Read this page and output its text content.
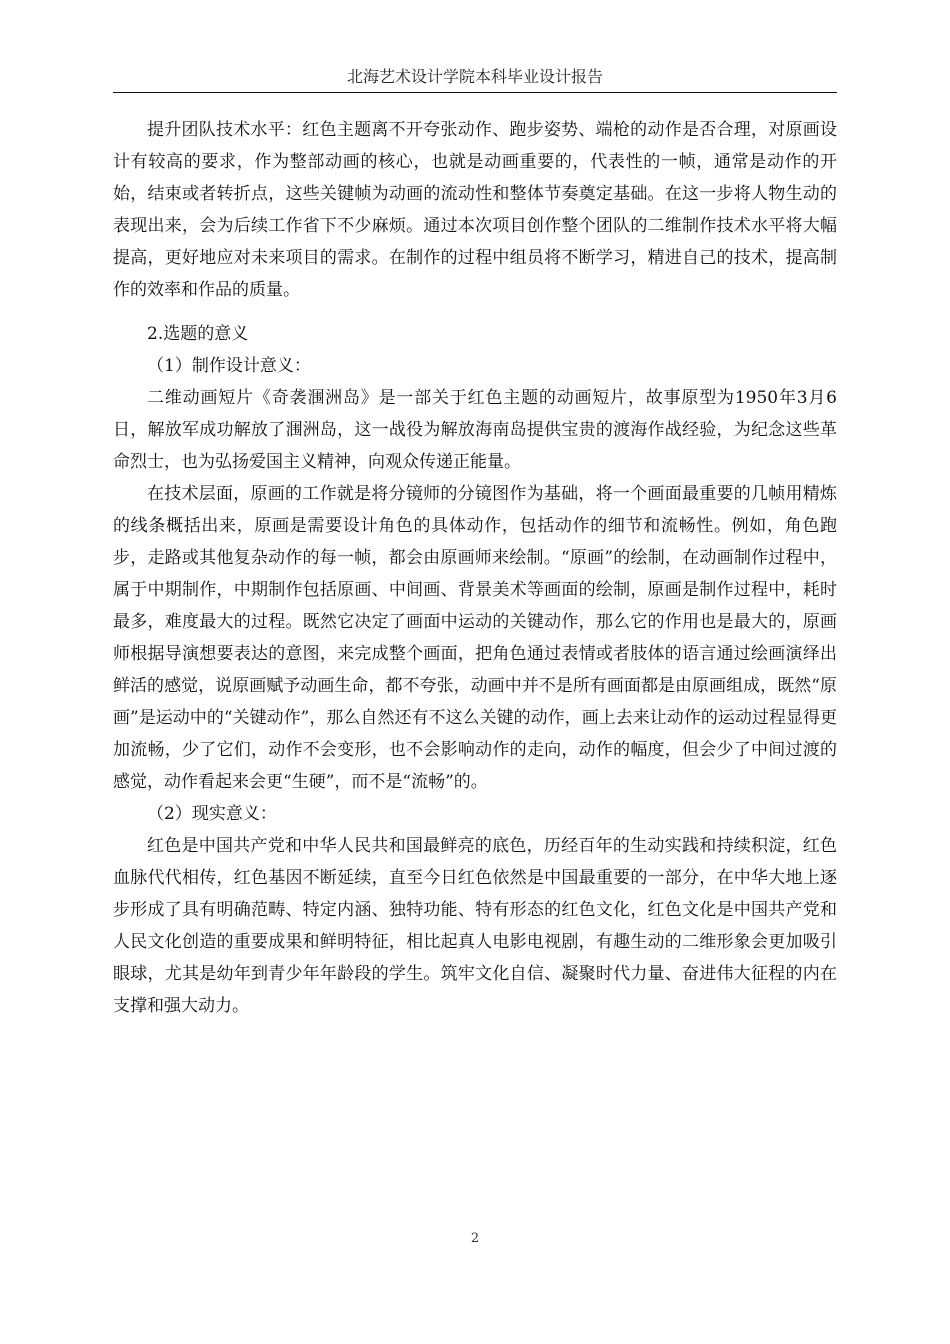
北海艺术设计学院本科毕业设计报告

提升团队技术水平：红色主题离不开夸张动作、跑步姿势、端枪的动作是否合理，对原画设计有较高的要求，作为整部动画的核心，也就是动画重要的，代表性的一帧，通常是动作的开始，结束或者转折点，这些关键帧为动画的流动性和整体节奏奠定基础。在这一步将人物生动的表现出来，会为后续工作省下不少麻烦。通过本次项目创作整个团队的二维制作技术水平将大幅提高，更好地应对未来项目的需求。在制作的过程中组员将不断学习，精进自己的技术，提高制作的效率和作品的质量。

2.选题的意义

（1）制作设计意义：

二维动画短片《奇袭涠洲岛》是一部关于红色主题的动画短片，故事原型为1950年3月6日，解放军成功解放了涠洲岛，这一战役为解放海南岛提供宝贵的渡海作战经验，为纪念这些革命烈士，也为弘扬爱国主义精神，向观众传递正能量。

在技术层面，原画的工作就是将分镜师的分镜图作为基础，将一个画面最重要的几帧用精炼的线条概括出来，原画是需要设计角色的具体动作，包括动作的细节和流畅性。例如，角色跑步，走路或其他复杂动作的每一帧，都会由原画师来绘制。“原画”的绘制，在动画制作过程中，属于中期制作，中期制作包括原画、中间画、背景美术等画面的绘制，原画是制作过程中，耗时最多，难度最大的过程。既然它决定了画面中运动的关键动作，那么它的作用也是最大的，原画师根据导演想要表达的意图，来完成整个画面，把角色通过表情或者肢体的语言通过绘画演绎出鲜活的感觉，说原画赋予动画生命，都不夸张，动画中并不是所有画面都是由原画组成，既然“原画”是运动中的“关键动作”，那么自然还有不这么关键的动作，画上去来让动作的运动过程显得更加流畅，少了它们，动作不会变形，也不会影响动作的走向，动作的幅度，但会少了中间过渡的感觉，动作看起来会更“生硬”，而不是“流畅”的。

（2）现实意义：

红色是中国共产党和中华人民共和国最鲜亮的底色，历经百年的生动实践和持续积淀，红色血脉代代相传，红色基因不断延续，直至今日红色依然是中国最重要的一部分，在中华大地上逐步形成了具有明确范畴、特定内涵、独特功能、特有形态的红色文化，红色文化是中国共产党和人民文化创造的重要成果和鲜明特征，相比起真人电影电视剧，有趣生动的二维形象会更加吸引眼球，尤其是幼年到青少年年龄段的学生。筑牢文化自信、凝聚时代力量、奋进伟大征程的内在支撑和强大动力。

2
